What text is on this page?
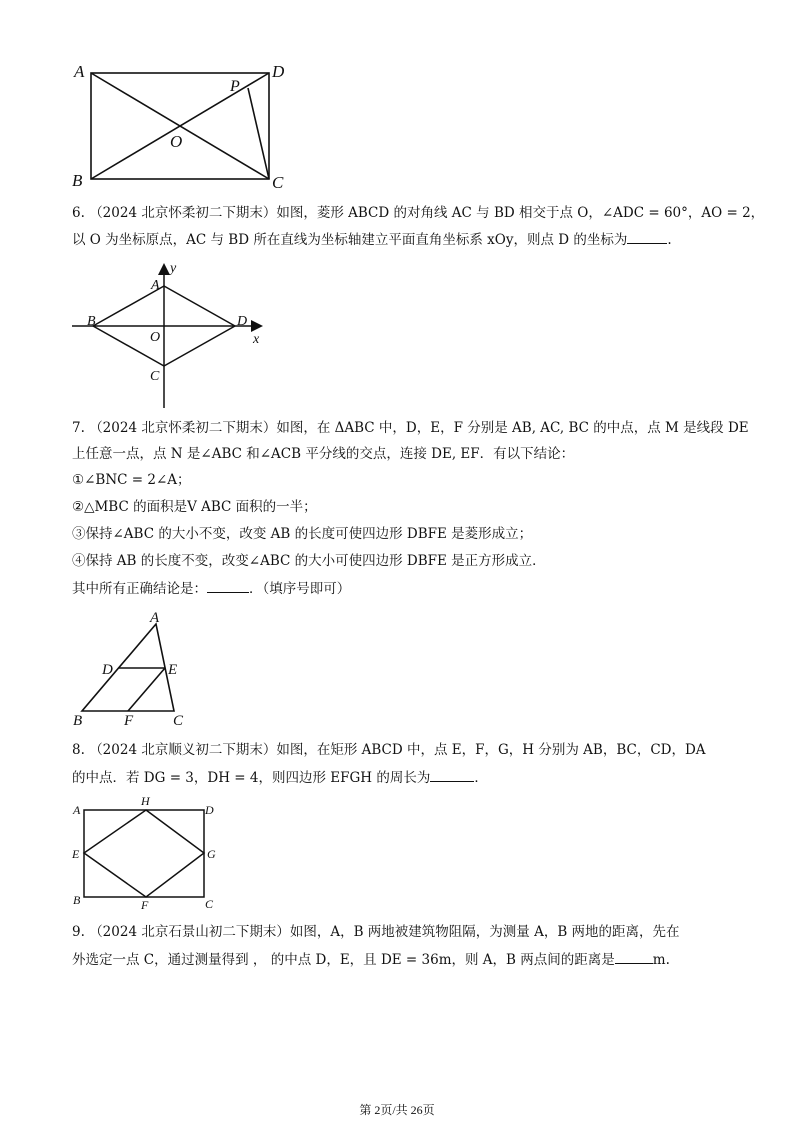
A	D
P
O
B	C
6. （2024 北京怀柔初二下期末）如图，菱形 ABCD 的对角线 AC 与 BD 相交于点 O，∠ADC = 60°，AO = 2，
以 O 为坐标原点，AC 与 BD 所在直线为坐标轴建立平面直角坐标系 xOy，则点 D 的坐标为	.
y
A
B	D
O	x
C
7. （2024 北京怀柔初二下期末）如图，在 ΔABC 中，D，E，F 分别是 AB, AC, BC 的中点，点 M 是线段 DE
上任意一点，点 N 是∠ABC 和∠ACB 平分线的交点，连接 DE, EF．有以下结论：
①∠BNC = 2∠A；
②△MBC 的面积是V ABC 面积的一半；
③保持∠ABC 的大小不变，改变 AB 的长度可使四边形 DBFE 是菱形成立；
④保持 AB 的长度不变，改变∠ABC 的大小可使四边形 DBFE 是正方形成立．
其中所有正确结论是：	．（填序号即可）
A
D	E
B	F	C
8. （2024 北京顺义初二下期末）如图，在矩形 ABCD 中，点 E，F，G，H 分别为 AB，BC，CD，DA
的中点．若 DG = 3，DH = 4，则四边形 EFGH 的周长为	．
A
H
D
E	G
B	F	C
9. （2024 北京石景山初二下期末）如图，A，B 两地被建筑物阻隔，为测量 A，B 两地的距离，先在
外选定一点 C，通过测量得到 ， 的中点 D，E，且 DE = 36m，则 A，B 两点间的距离是	m.
第 2页/共 26页
